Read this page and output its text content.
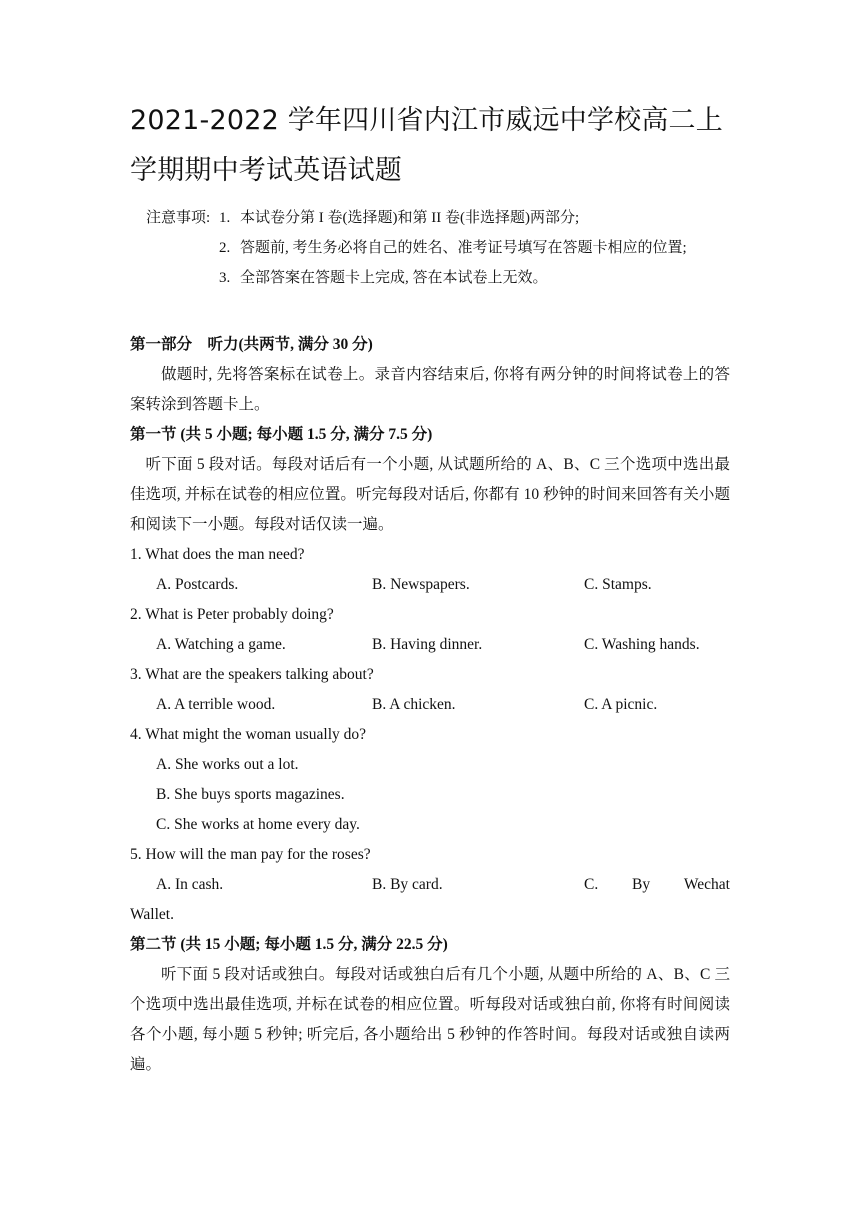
2021-2022 学年四川省内江市威远中学校高二上学期期中考试英语试题
注意事项: 1. 本试卷分第 I 卷(选择题)和第 II 卷(非选择题)两部分;
2. 答题前, 考生务必将自己的姓名、准考证号填写在答题卡相应的位置;
3. 全部答案在答题卡上完成, 答在本试卷上无效。

第一部分　听力(共两节, 满分 30 分)

做题时, 先将答案标在试卷上。录音内容结束后, 你将有两分钟的时间将试卷上的答案转涂到答题卡上。

第一节 (共 5 小题; 每小题 1.5 分, 满分 7.5 分)

听下面 5 段对话。每段对话后有一个小题, 从试题所给的 A、B、C 三个选项中选出最佳选项, 并标在试卷的相应位置。听完每段对话后, 你都有 10 秒钟的时间来回答有关小题和阅读下一小题。每段对话仅读一遍。

1. What does the man need?

A. Postcards.	B. Newspapers.	C. Stamps.

2. What is Peter probably doing?

A. Watching a game.	B. Having dinner.	C. Washing hands.

3. What are the speakers talking about?

A. A terrible wood.	B. A chicken.	C. A picnic.

4. What might the woman usually do?

A. She works out a lot.

B. She buys sports magazines.

C. She works at home every day.

5. How will the man pay for the roses?

A. In cash.	B. By card.	C. By Wechat

Wallet.

第二节 (共 15 小题; 每小题 1.5 分, 满分 22.5 分)

听下面 5 段对话或独白。每段对话或独白后有几个小题, 从题中所给的 A、B、C 三个选项中选出最佳选项, 并标在试卷的相应位置。听每段对话或独白前, 你将有时间阅读各个小题, 每小题 5 秒钟; 听完后, 各小题给出 5 秒钟的作答时间。每段对话或独自读两遍。
